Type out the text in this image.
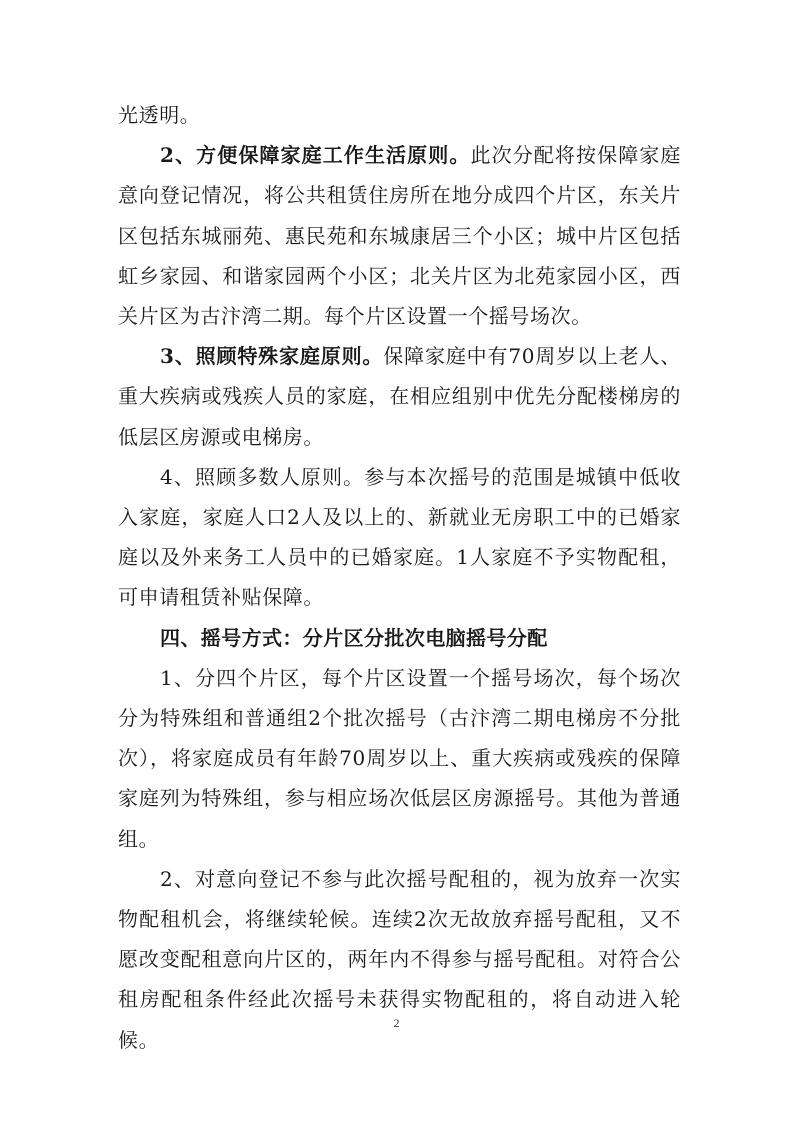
光透明。

2、方便保障家庭工作生活原则。此次分配将按保障家庭意向登记情况，将公共租赁住房所在地分成四个片区，东关片区包括东城丽苑、惠民苑和东城康居三个小区；城中片区包括虹乡家园、和谐家园两个小区；北关片区为北苑家园小区，西关片区为古汴湾二期。每个片区设置一个摇号场次。

3、照顾特殊家庭原则。保障家庭中有70周岁以上老人、重大疾病或残疾人员的家庭，在相应组别中优先分配楼梯房的低层区房源或电梯房。

4、照顾多数人原则。参与本次摇号的范围是城镇中低收入家庭，家庭人口2人及以上的、新就业无房职工中的已婚家庭以及外来务工人员中的已婚家庭。1人家庭不予实物配租，可申请租赁补贴保障。

四、摇号方式：分片区分批次电脑摇号分配

1、分四个片区，每个片区设置一个摇号场次，每个场次分为特殊组和普通组2个批次摇号（古汴湾二期电梯房不分批次），将家庭成员有年龄70周岁以上、重大疾病或残疾的保障家庭列为特殊组，参与相应场次低层区房源摇号。其他为普通组。

2、对意向登记不参与此次摇号配租的，视为放弃一次实物配租机会，将继续轮候。连续2次无故放弃摇号配租，又不愿改变配租意向片区的，两年内不得参与摇号配租。对符合公租房配租条件经此次摇号未获得实物配租的，将自动进入轮候。

2
